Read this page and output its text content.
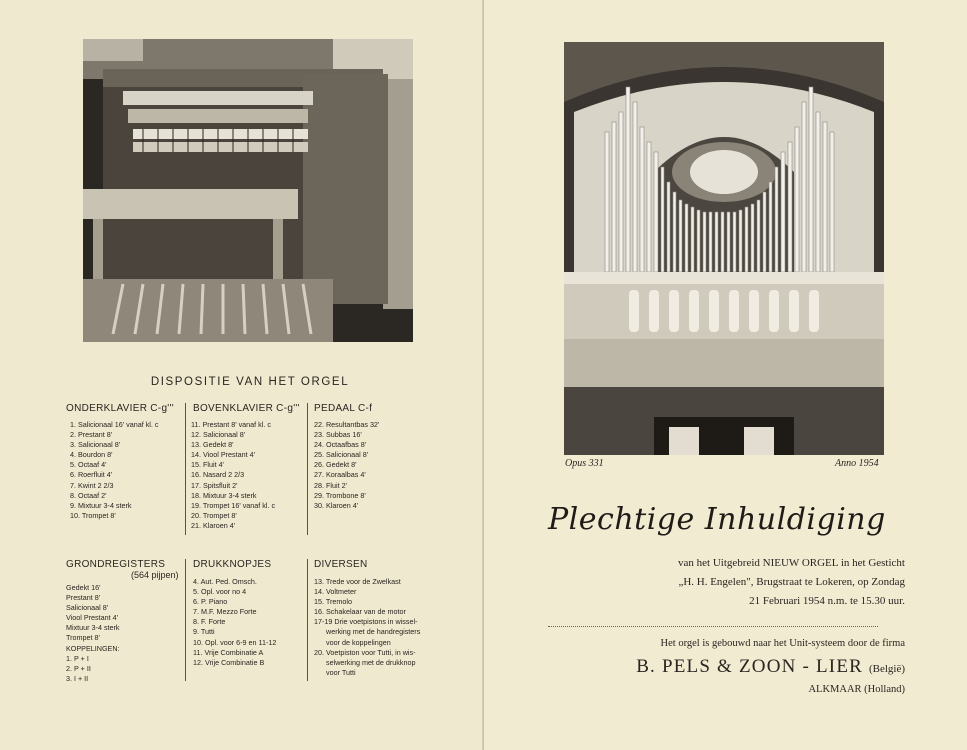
DISPOSITIE VAN HET ORGEL
ONDERKLAVIER C-g'''
1. Salicionaal 16' vanaf kl. c
2. Prestant 8'
3. Salicionaal 8'
4. Bourdon 8'
5. Octaaf 4'
6. Roerfluit 4'
7. Kwint 2 2/3
8. Octaaf 2'
9. Mixtuur 3-4 sterk
10. Trompet 8'
BOVENKLAVIER C-g'''
11. Prestant 8' vanaf kl. c
12. Salicionaal 8'
13. Gedekt 8'
14. Viool Prestant 4'
15. Fluit 4'
16. Nasard 2 2/3
17. Spitsfluit 2'
18. Mixtuur 3-4 sterk
19. Trompet 16' vanaf kl. c
20. Trompet 8'
21. Klaroen 4'
PEDAAL C-f
22. Resultantbas 32'
23. Subbas 16'
24. Octaafbas 8'
25. Salicionaal 8'
26. Gedekt 8'
27. Koraalbas 4'
28. Fluit 2'
29. Trombone 8'
30. Klaroen 4'
GRONDREGISTERS
(564 pijpen)
Gedekt 16'
Prestant 8'
Salicionaal 8'
Viool Prestant 4'
Mixtuur 3-4 sterk
Trompet 8'
KOPPELINGEN:
1. P + I
2. P + II
3. I + II
DRUKKNOPJES
4. Aut. Ped. Omsch.
5. Opl. voor no 4
6. P. Piano
7. M.F. Mezzo Forte
8. F. Forte
9. Tutti
10. Opl. voor 6-9 en 11-12
11. Vrije Combinatie A
12. Vrije Combinatie B
DIVERSEN
13. Trede voor de Zwelkast
14. Voltmeter
15. Tremolo
16. Schakelaar van de motor
17-19 Drie voetpistons in wissel-
werking met de handregisters
voor de koppelingen
20. Voetpiston voor Tutti, in wis-
selwerking met de drukknop
voor Tutti
Opus 331	Anno 1954
Plechtige Inhuldiging
van het Uitgebreid NIEUW ORGEL in het Gesticht
„H. H. Engelen", Brugstraat te Lokeren, op Zondag
21 Februari 1954 n.m. te 15.30 uur.
Het orgel is gebouwd naar het Unit-systeem door de firma
B. PELS & ZOON - LIER (België)
ALKMAAR (Holland)
